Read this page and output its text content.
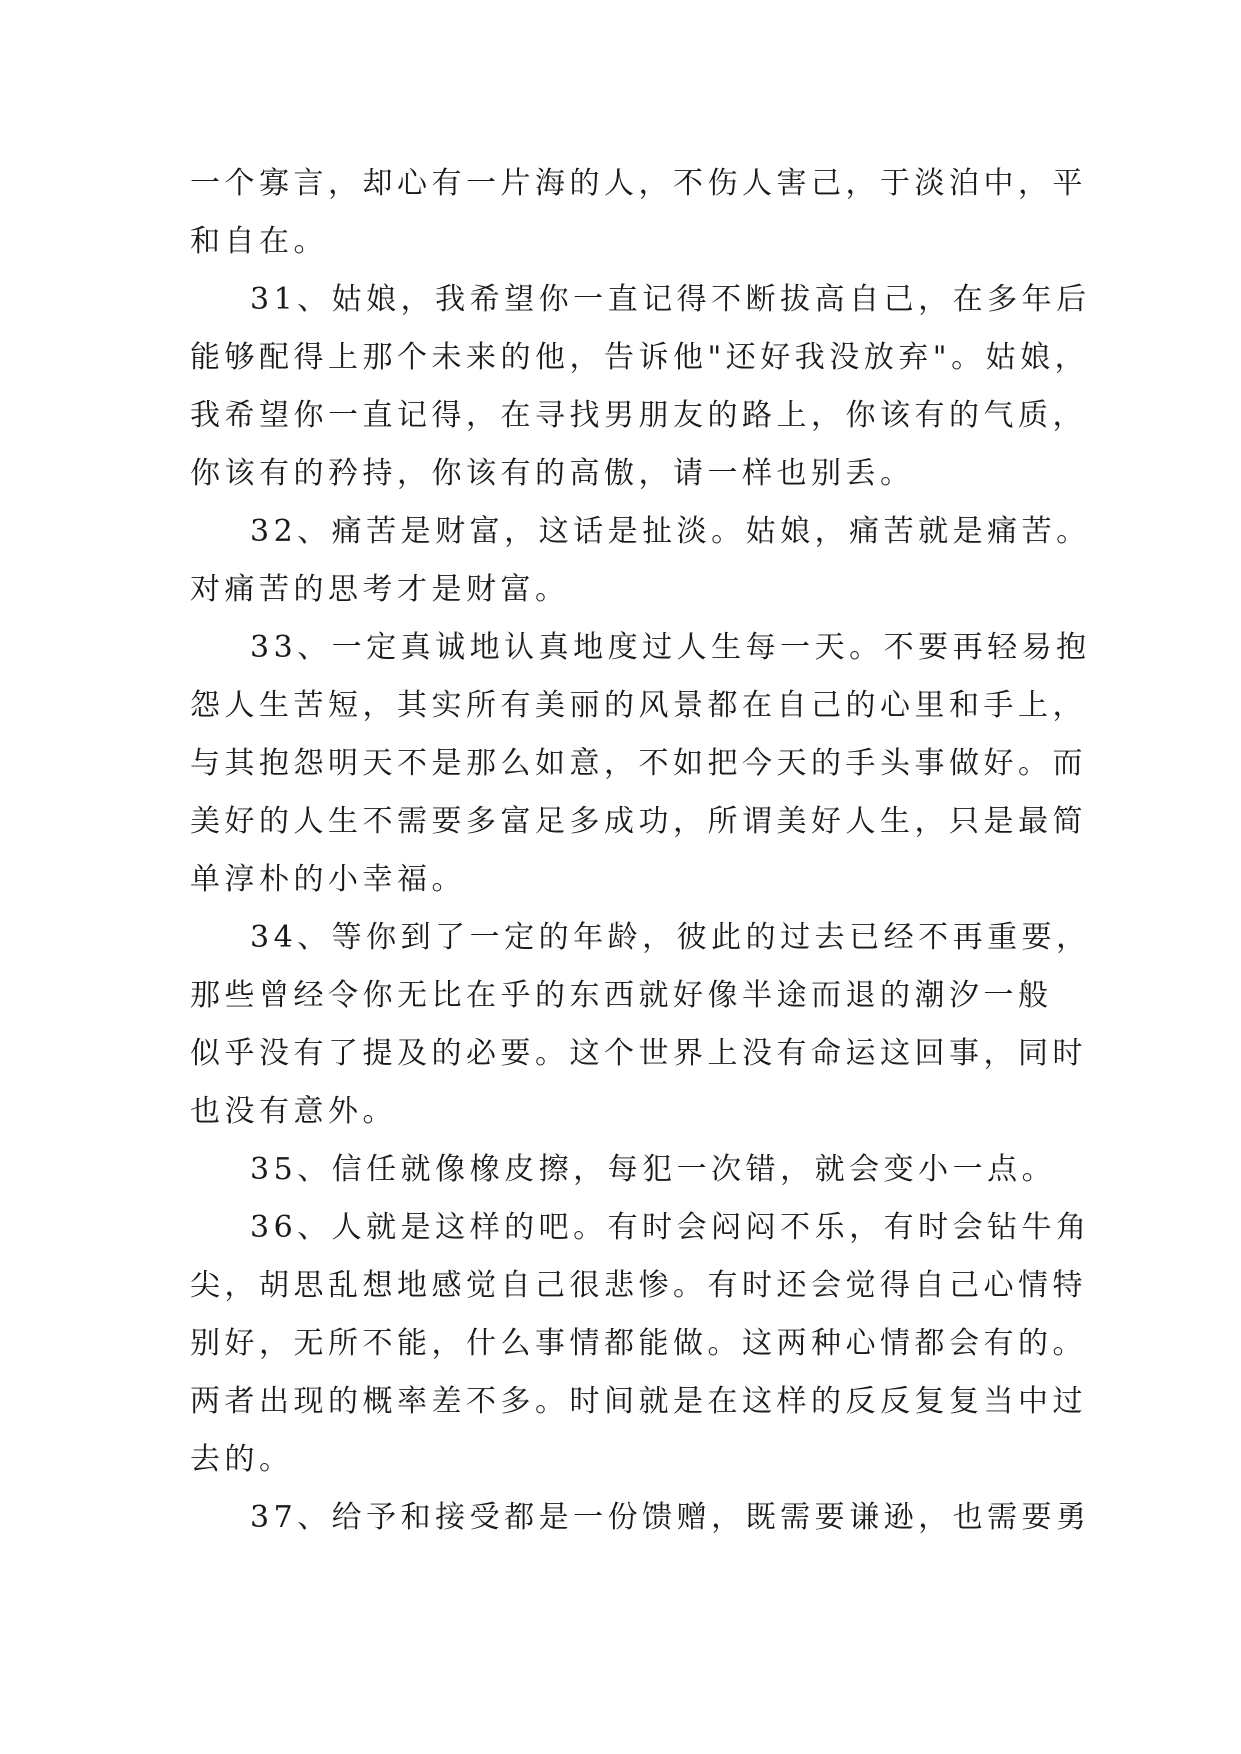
一个寡言，却心有一片海的人，不伤人害己，于淡泊中，平
和自在。
31、姑娘，我希望你一直记得不断拔高自己，在多年后
能够配得上那个未来的他，告诉他"还好我没放弃"。姑娘，
我希望你一直记得，在寻找男朋友的路上，你该有的气质，
你该有的矜持，你该有的高傲，请一样也别丢。
32、痛苦是财富，这话是扯淡。姑娘，痛苦就是痛苦。
对痛苦的思考才是财富。
33、一定真诚地认真地度过人生每一天。不要再轻易抱
怨人生苦短，其实所有美丽的风景都在自己的心里和手上，
与其抱怨明天不是那么如意，不如把今天的手头事做好。而
美好的人生不需要多富足多成功，所谓美好人生，只是最简
单淳朴的小幸福。
34、等你到了一定的年龄，彼此的过去已经不再重要，
那些曾经令你无比在乎的东西就好像半途而退的潮汐一般
似乎没有了提及的必要。这个世界上没有命运这回事，同时
也没有意外。
35、信任就像橡皮擦，每犯一次错，就会变小一点。
36、人就是这样的吧。有时会闷闷不乐，有时会钻牛角
尖，胡思乱想地感觉自己很悲惨。有时还会觉得自己心情特
别好，无所不能，什么事情都能做。这两种心情都会有的。
两者出现的概率差不多。时间就是在这样的反反复复当中过
去的。
37、给予和接受都是一份馈赠，既需要谦逊，也需要勇
